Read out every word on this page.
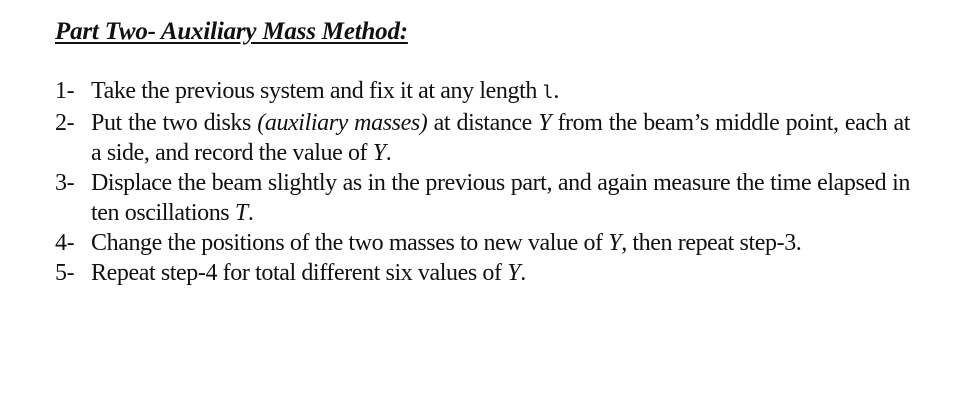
Part Two- Auxiliary Mass Method:
1- Take the previous system and fix it at any length l.
2- Put the two disks (auxiliary masses) at distance Y from the beam’s middle point, each at a side, and record the value of Y.
3- Displace the beam slightly as in the previous part, and again measure the time elapsed in ten oscillations T.
4- Change the positions of the two masses to new value of Y, then repeat step-3.
5- Repeat step-4 for total different six values of Y.
